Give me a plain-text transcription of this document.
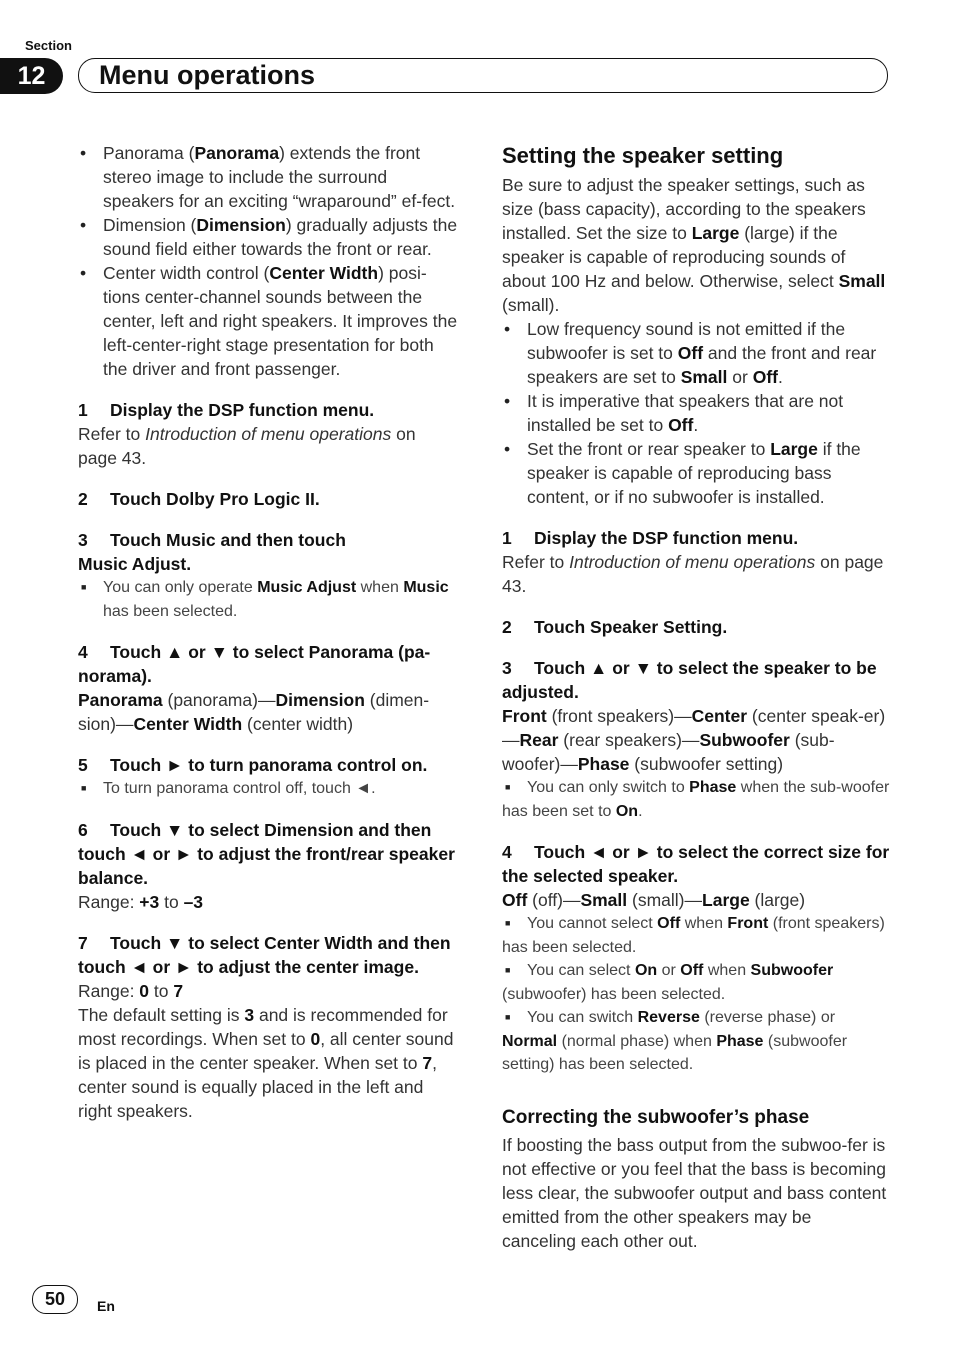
Section
12	Menu operations
• Panorama (Panorama) extends the front stereo image to include the surround speakers for an exciting “wraparound” ef-fect.
• Dimension (Dimension) gradually adjusts the sound field either towards the front or rear.
• Center width control (Center Width) posi-tions center-channel sounds between the center, left and right speakers. It improves the left-center-right stage presentation for both the driver and front passenger.

1 Display the DSP function menu.

Refer to Introduction of menu operations on page 43.

2 Touch Dolby Pro Logic II.

3 Touch Music and then touch
Music Adjust.

■ You can only operate Music Adjust when Music has been selected.

4 Touch ▲ or ▼ to select Panorama (pa-norama).

Panorama (panorama)—Dimension (dimen-sion)—Center Width (center width)

5 Touch ► to turn panorama control on.

■ To turn panorama control off, touch ◄.

6 Touch ▼ to select Dimension and then touch ◄ or ► to adjust the front/rear speaker balance.

Range: +3 to –3

7 Touch ▼ to select Center Width and then touch ◄ or ► to adjust the center image.

Range: 0 to 7

The default setting is 3 and is recommended for most recordings. When set to 0, all center sound is placed in the center speaker. When set to 7, center sound is equally placed in the left and right speakers.

Setting the speaker setting

Be sure to adjust the speaker settings, such as size (bass capacity), according to the speakers installed. Set the size to Large (large) if the speaker is capable of reproducing sounds of about 100 Hz and below. Otherwise, select Small (small).

• Low frequency sound is not emitted if the subwoofer is set to Off and the front and rear speakers are set to Small or Off.
• It is imperative that speakers that are not installed be set to Off.
• Set the front or rear speaker to Large if the speaker is capable of reproducing bass content, or if no subwoofer is installed.

1 Display the DSP function menu.

Refer to Introduction of menu operations on page 43.

2 Touch Speaker Setting.

3 Touch ▲ or ▼ to select the speaker to be adjusted.

Front (front speakers)—Center (center speak-er)—Rear (rear speakers)—Subwoofer (sub-woofer)—Phase (subwoofer setting)

■ You can only switch to Phase when the sub-woofer has been set to On.

4 Touch ◄ or ► to select the correct size for the selected speaker.

Off (off)—Small (small)—Large (large)

■ You cannot select Off when Front (front speakers) has been selected.

■ You can select On or Off when Subwoofer (subwoofer) has been selected.

■ You can switch Reverse (reverse phase) or Normal (normal phase) when Phase (subwoofer setting) has been selected.

Correcting the subwoofer’s phase

If boosting the bass output from the subwoo-fer is not effective or you feel that the bass is becoming less clear, the subwoofer output and bass content emitted from the other speakers may be canceling each other out.

50	En
